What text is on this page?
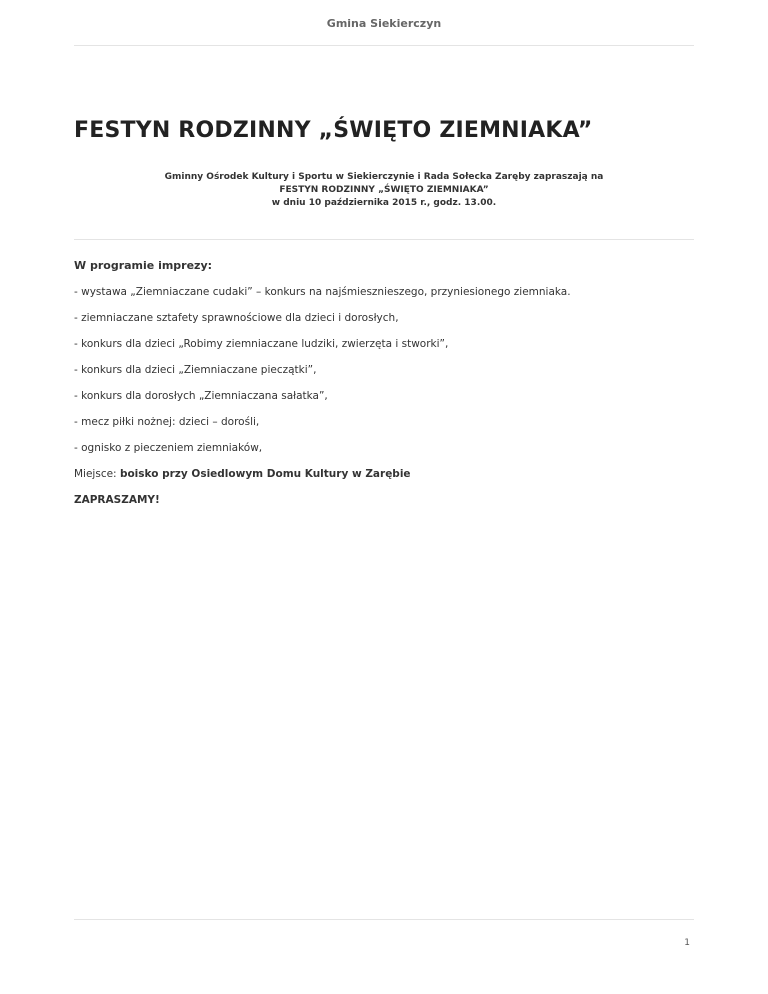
Gmina Siekierczyn
FESTYN RODZINNY „ŚWIĘTO ZIEMNIAKA”
Gminny Ośrodek Kultury i Sportu w Siekierczynie i Rada Sołecka Zaręby zapraszają na
FESTYN RODZINNY „ŚWIĘTO ZIEMNIAKA”
w dniu 10 października 2015 r., godz. 13.00.

W programie imprezy:

- wystawa „Ziemniaczane cudaki” – konkurs na najśmiesznieszego, przyniesionego ziemniaka.
- ziemniaczane sztafety sprawnościowe dla dzieci i dorosłych,
- konkurs dla dzieci „Robimy ziemniaczane ludziki, zwierzęta i stworki”,
- konkurs dla dzieci „Ziemniaczane pieczątki”,
- konkurs dla dorosłych „Ziemniaczana sałatka”,
- mecz piłki nożnej: dzieci – dorośli,
- ognisko z pieczeniem ziemniaków,

Miejsce: boisko przy Osiedlowym Domu Kultury w Zarębie

ZAPRASZAMY!

1
